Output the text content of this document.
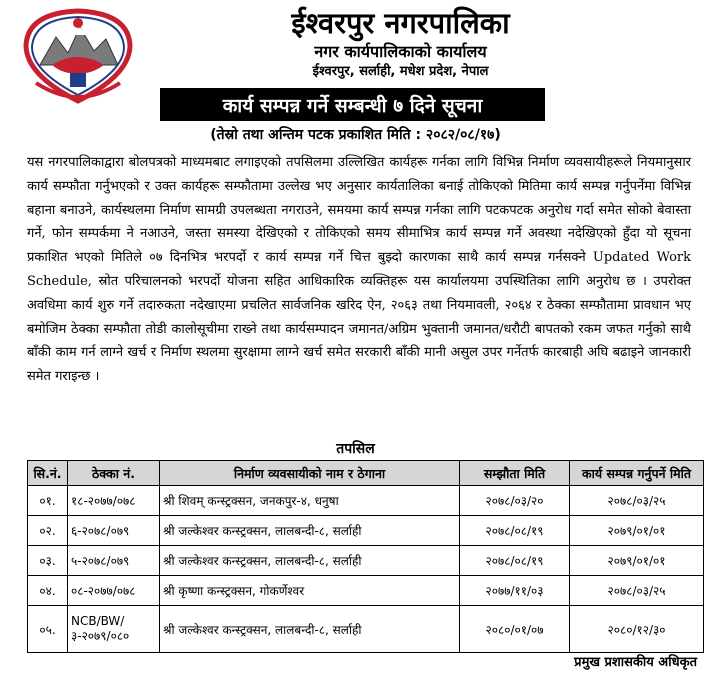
ईश्वरपुर नगरपालिका
नगर कार्यपालिकाको कार्यालय
ईश्वरपुर, सर्लाही, मधेश प्रदेश, नेपाल
कार्य सम्पन्न गर्ने सम्बन्धी ७ दिने सूचना
(तेस्रो तथा अन्तिम पटक प्रकाशित मिति : २०८२/०८/१७)
यस नगरपालिकाद्वारा बोलपत्रको माध्यमबाट लगाइएको तपसिलमा उल्लिखित कार्यहरू गर्नका लागि विभिन्न निर्माण व्यवसायीहरूले नियमानुसार कार्य सम्फौता गर्नुभएको र उक्त कार्यहरू सम्फौतामा उल्लेख भए अनुसार कार्यतालिका बनाई तोकिएको मितिमा कार्य सम्पन्न गर्नुपर्नेमा विभिन्न बहाना बनाउने, कार्यस्थलमा निर्माण सामग्री उपलब्धता नगराउने, समयमा कार्य सम्पन्न गर्नका लागि पटकपटक अनुरोध गर्दा समेत सोको बेवास्ता गर्ने, फोन सम्पर्कमा ने नआउने, जस्ता समस्या देखिएको र तोकिएको समय सीमाभित्र कार्य सम्पन्न गर्ने अवस्था नदेखिएको हुँदा यो सूचना प्रकाशित भएको मितिले ०७ दिनभित्र भरपर्दो र कार्य सम्पन्न गर्ने चित्त बुझ्दो कारणका साथै कार्य सम्पन्न गर्नसक्ने Updated Work Schedule, स्रोत परिचालनको भरपर्दो योजना सहित आधिकारिक व्यक्तिहरू यस कार्यालयमा उपस्थितिका लागि अनुरोध छ । उपरोक्त अवधिमा कार्य शुरु गर्ने तदारुकता नदेखाएमा प्रचलित सार्वजनिक खरिद ऐन, २०६३ तथा नियमावली, २०६४ र ठेक्का सम्फौतामा प्रावधान भए बमोजिम ठेक्का सम्फौता तोडी कालोसूचीमा राख्ने तथा कार्यसम्पादन जमानत/अग्रिम भुक्तानी जमानत/धरौटी बापतको रकम जफत गर्नुको साथै बाँकी काम गर्न लाग्ने खर्च र निर्माण स्थलमा सुरक्षामा लाग्ने खर्च समेत सरकारी बाँकी मानी असुल उपर गर्नेतर्फ कारबाही अघि बढाइने जानकारी समेत गराइन्छ ।
तपसिल
सि.नं.	ठेक्का नं.	निर्माण व्यवसायीको नाम र ठेगाना	सम्झौता मिति	कार्य सम्पन्न गर्नुपर्ने मिति
०१.	१८-२०७७/०७८	श्री शिवम् कन्स्ट्रक्सन, जनकपुर-४, धनुषा	२०७८/०३/२०	२०७८/०३/२५
०२.	६-२०७८/०७९	श्री जल्केश्वर कन्स्ट्रक्सन, लालबन्दी-८, सर्लाही	२०७८/०८/१९	२०७९/०१/०१
०३.	५-२०७८/०७९	श्री जल्केश्वर कन्स्ट्रक्सन, लालबन्दी-८, सर्लाही	२०७८/०८/१९	२०७९/०१/०१
०४.	०८-२०७७/०७८	श्री कृष्णा कन्स्ट्रक्सन, गोकर्णेश्वर	२०७७/११/०३	२०७८/०३/२५
०५.	NCB/BW/३-२०७९/०८०	श्री जल्केश्वर कन्स्ट्रक्सन, लालबन्दी-८, सर्लाही	२०८०/०१/०७	२०८०/१२/३०
प्रमुख प्रशासकीय अधिकृत
